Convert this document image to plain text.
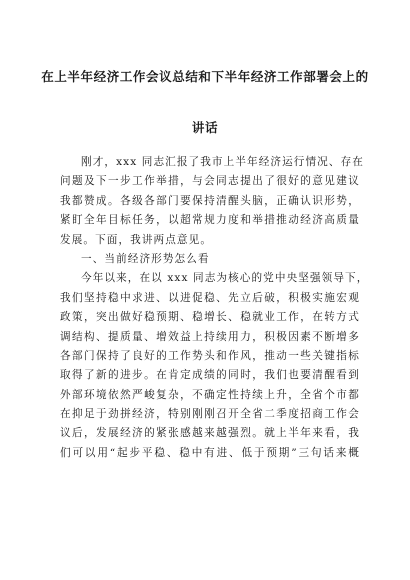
在上半年经济工作会议总结和下半年经济工作部署会上的
讲话
刚才，xxx 同志汇报了我市上半年经济运行情况、存在
问题及下一步工作举措，与会同志提出了很好的意见建议
我都赞成。各级各部门要保持清醒头脑，正确认识形势，
紧盯全年目标任务，以超常规力度和举措推动经济高质量
发展。下面，我讲两点意见。
一、当前经济形势怎么看
今年以来，在以 xxx 同志为核心的党中央坚强领导下，
我们坚持稳中求进、以进促稳、先立后破，积极实施宏观
政策，突出做好稳预期、稳增长、稳就业工作，在转方式
调结构、提质量、增效益上持续用力，积极因素不断增多
各部门保持了良好的工作势头和作风，推动一些关键指标
取得了新的进步。在肯定成绩的同时，我们也要清醒看到
外部环境依然严峻复杂，不确定性持续上升，全省个市都
在抑足于劲拼经济，特别刚刚召开全省二季度招商工作会
议后，发展经济的紧张感越来越强烈。就上半年来看，我
们可以用“起步平稳、稳中有进、低于预期”三句话来概
